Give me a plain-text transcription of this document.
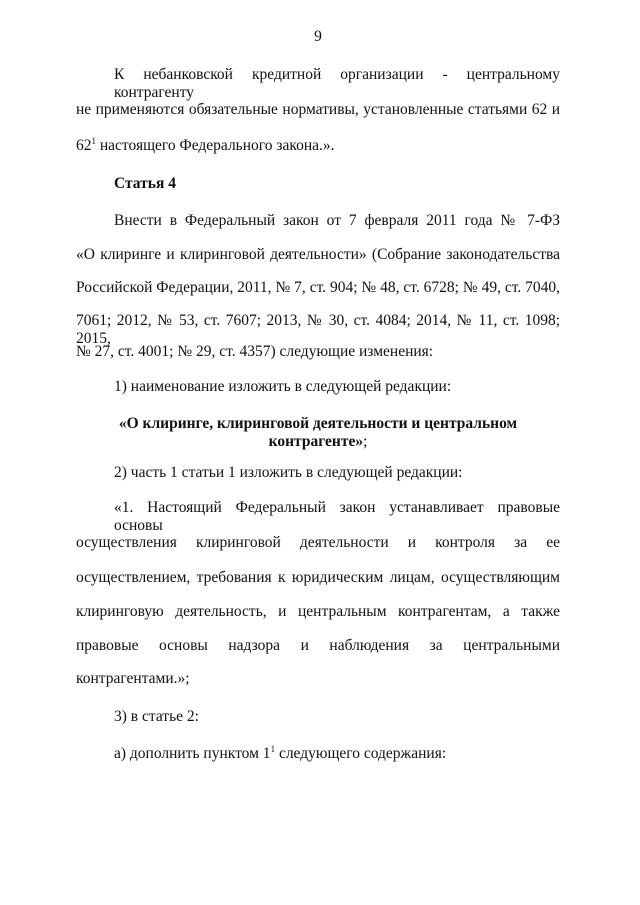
9
К небанковской кредитной организации - центральному контрагенту
не применяются обязательные нормативы, установленные статьями 62 и
$62^1$ настоящего Федерального закона.».
Статья 4
Внести в Федеральный закон от 7 февраля 2011 года № 7-ФЗ
«О клиринге и клиринговой деятельности» (Собрание законодательства
Российской Федерации, 2011, № 7, ст. 904; № 48, ст. 6728; № 49, ст. 7040,
7061; 2012, № 53, ст. 7607; 2013, № 30, ст. 4084; 2014, № 11, ст. 1098; 2015,
№ 27, ст. 4001; № 29, ст. 4357) следующие изменения:
1) наименование изложить в следующей редакции:
«О клиринге, клиринговой деятельности и центральном
контрагенте»;
2) часть 1 статьи 1 изложить в следующей редакции:
«1. Настоящий Федеральный закон устанавливает правовые основы
осуществления клиринговой деятельности и контроля за ее
осуществлением, требования к юридическим лицам, осуществляющим
клиринговую деятельность, и центральным контрагентам, а также
правовые основы надзора и наблюдения за центральными
контрагентами.»;
3) в статье 2:
а) дополнить пунктом $1^1$ следующего содержания:
